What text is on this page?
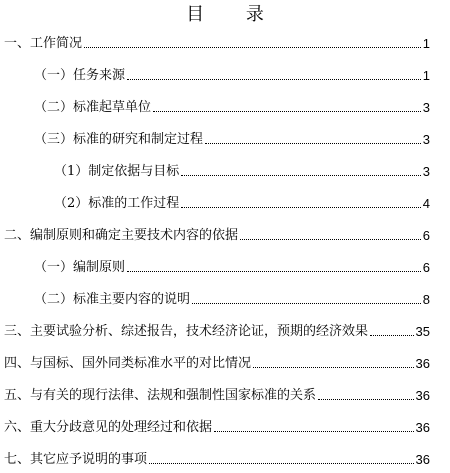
目 录
一、工作简况	1
（一）任务来源	1
（二）标准起草单位	3
（三）标准的研究和制定过程	3
（1）制定依据与目标	3
（2）标准的工作过程	4
二、编制原则和确定主要技术内容的依据	6
（一）编制原则	6
（二）标准主要内容的说明	8
三、主要试验分析、综述报告，技术经济论证，预期的经济效果	35
四、与国标、国外同类标准水平的对比情况	36
五、与有关的现行法律、法规和强制性国家标准的关系	36
六、重大分歧意见的处理经过和依据	36
七、其它应予说明的事项	36
